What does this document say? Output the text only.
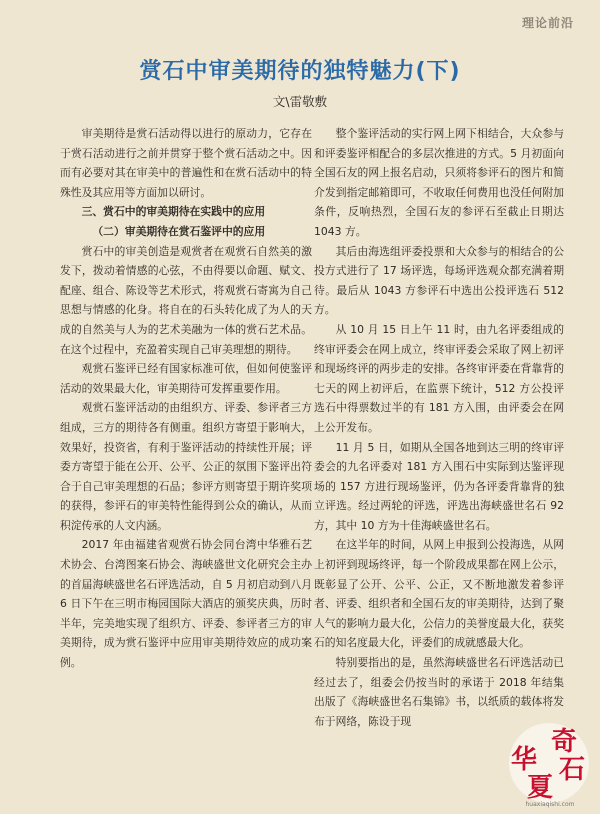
理论前沿
赏石中审美期待的独特魅力(下)

文\雷敬敷

审美期待是赏石活动得以进行的原动力，它存在于赏石活动进行之前并贯穿于整个赏石活动之中。因而有必要对其在审美中的普遍性和在赏石活动中的特殊性及其应用等方面加以研讨。

三、赏石中的审美期待在实践中的应用

（二）审美期待在赏石鉴评中的应用

赏石中的审美创造是观赏者在观赏石自然美的激发下，拨动着情感的心弦，不由得要以命题、赋文、配座、组合、陈设等艺术形式，将观赏石寄寓为自己思想与情感的化身。将自在的石头转化成了为人的天成的自然美与人为的艺术美融为一体的赏石艺术品。在这个过程中，充盈着实现自己审美理想的期待。

观赏石鉴评已经有国家标准可依，但如何使鉴评活动的效果最大化，审美期待可发挥重要作用。

观赏石鉴评活动的由组织方、评委、参评者三方组成，三方的期待各有侧重。组织方寄望于影响大，效果好，投资省，有利于鉴评活动的持续性开展；评委方寄望于能在公开、公平、公正的氛围下鉴评出符合于自己审美理想的石品；参评方则寄望于期许奖项的获得，参评石的审美特性能得到公众的确认，从而积淀传承的人文内涵。

2017 年由福建省观赏石协会同台湾中华雅石艺术协会、台湾图案石协会、海峡盛世文化研究会主办的首届海峡盛世名石评选活动，自 5 月初启动到八月 6 日下午在三明市梅园国际大酒店的颁奖庆典，历时半年，完美地实现了组织方、评委、参评者三方的审美期待，成为赏石鉴评中应用审美期待效应的成功案例。

整个鉴评活动的实行网上网下相结合，大众参与和评委鉴评相配合的多层次推进的方式。5 月初面向全国石友的网上报名启动，只须将参评石的图片和简介发到指定邮箱即可，不收取任何费用也没任何附加条件，反响热烈，全国石友的参评石至截止日期达 1043 方。

其后由海选组评委投票和大众参与的相结合的公投方式进行了 17 场评选，每场评选观众都充满着期待。最后从 1043 方参评石中选出公投评选石 512 方。

从 10 月 15 日上午 11 时，由九名评委组成的终审评委会在网上成立，终审评委会采取了网上初评和现场终评的两步走的安排。各终审评委在背靠背的七天的网上初评后，在监票下统计，512 方公投评选石中得票数过半的有 181 方入围，由评委会在网上公开发布。

11 月 5 日，如期从全国各地到达三明的终审评委会的九名评委对 181 方入围石中实际到达鉴评现场的 157 方进行现场鉴评，仍为各评委背靠背的独立评选。经过两轮的评选，评选出海峡盛世名石 92 方，其中 10 方为十佳海峡盛世名石。

在这半年的时间，从网上申报到公投海选，从网上初评到现场终评，每一个阶段成果都在网上公示，既彰显了公开、公平、公正，又不断地激发着参评者、评委、组织者和全国石友的审美期待，达到了聚人气的影响力最大化，公信力的美誉度最大化，获奖石的知名度最大化，评委们的成就感最大化。

特别要指出的是，虽然海峡盛世名石评选活动已经过去了，组委会仍按当时的承诺于 2018 年结集出版了《海峡盛世名石集锦》书，以纸质的载体将发布于网络，陈设于现

奇
石
华
夏
huaxiaqishi.com
